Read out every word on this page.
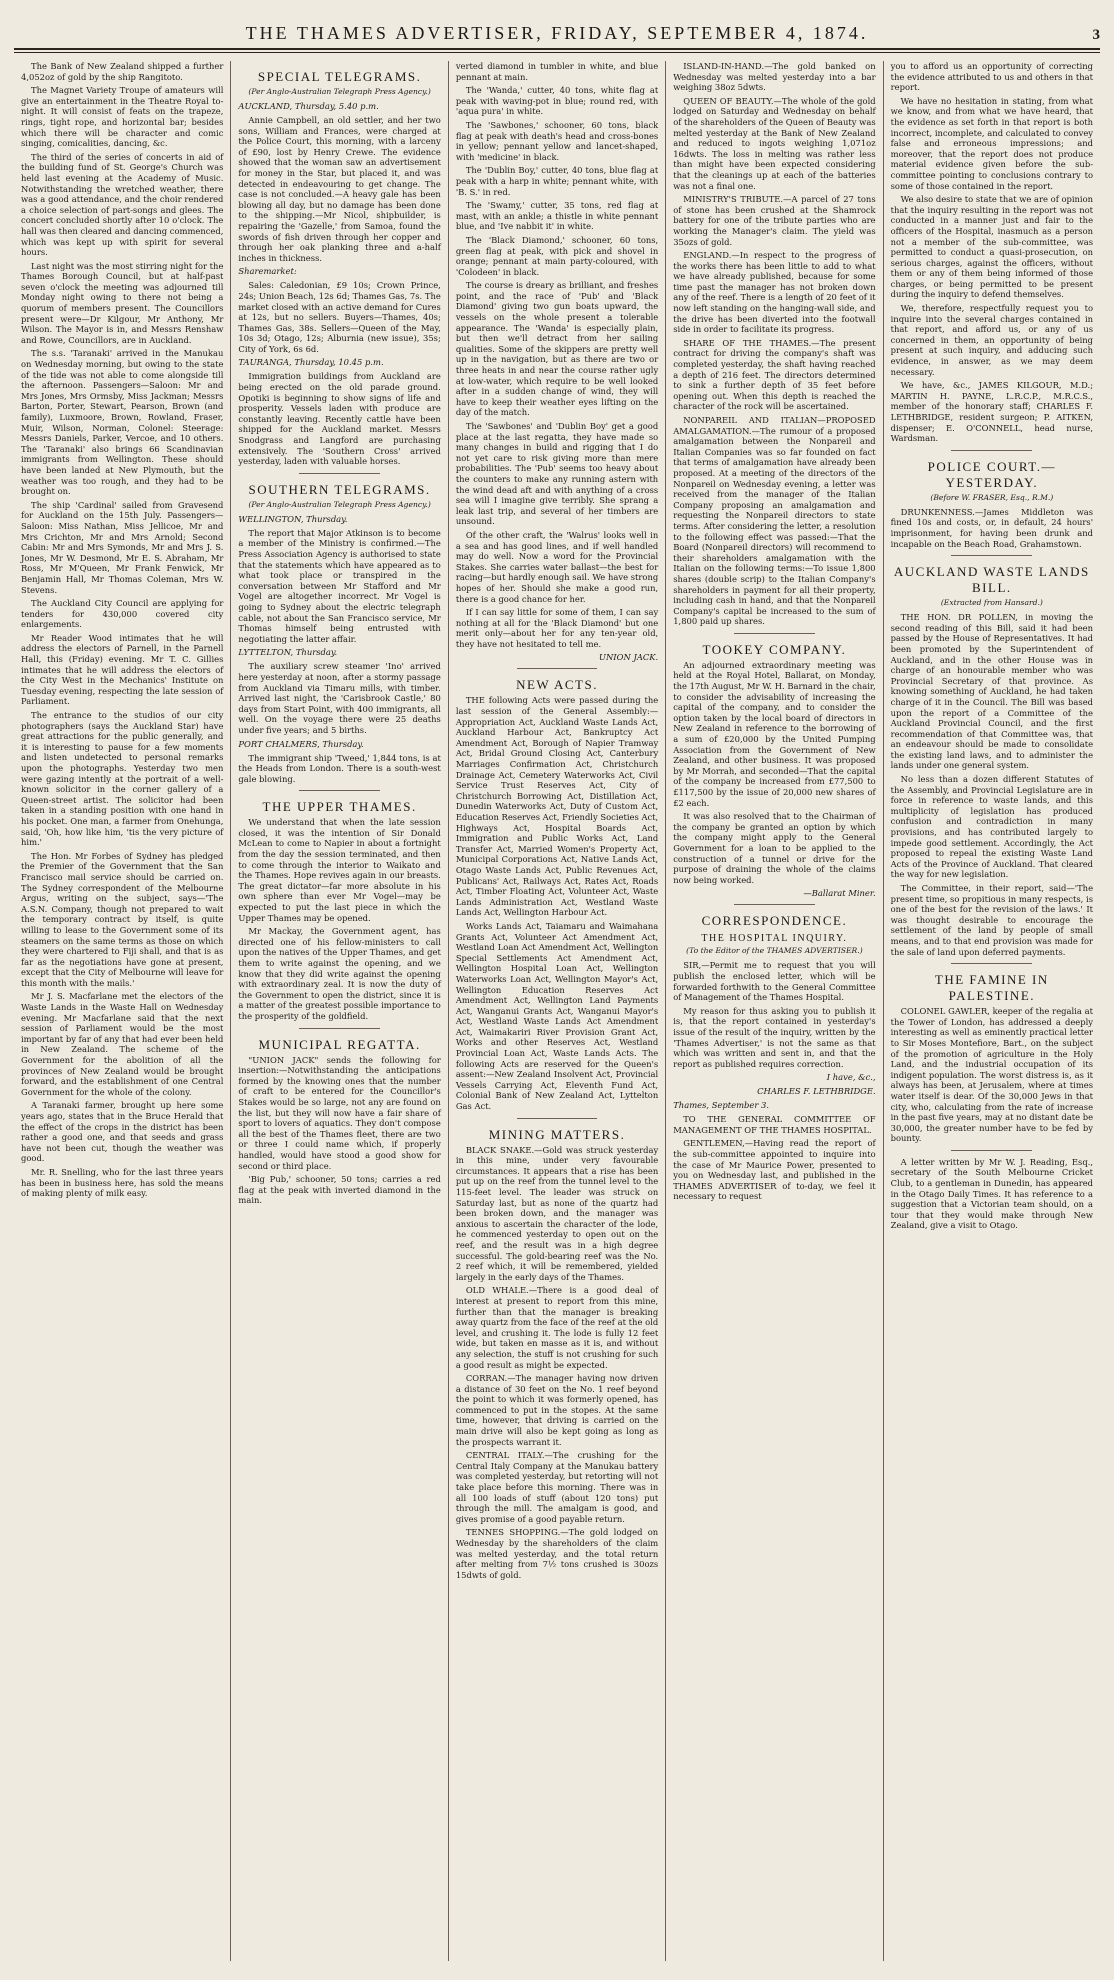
THE THAMES ADVERTISER, FRIDAY, SEPTEMBER 4, 1874.	3

The Bank of New Zealand shipped a further 4,052oz of gold by the ship Rangitoto.

The Magnet Variety Troupe of amateurs will give an entertainment in the Theatre Royal to-night. It will consist of feats on the trapeze, rings, tight rope, and horizontal bar; besides which there will be character and comic singing, comicalities, dancing, &c.

The third of the series of concerts in aid of the building fund of St. George's Church was held last evening at the Academy of Music. Notwithstanding the wretched weather, there was a good attendance, and the choir rendered a choice selection of part-songs and glees. The concert concluded shortly after 10 o'clock. The hall was then cleared and dancing commenced, which was kept up with spirit for several hours.

Last night was the most stirring night for the Thames Borough Council, but at half-past seven o'clock the meeting was adjourned till Monday night owing to there not being a quorum of members present. The Councillors present were—Dr Kilgour, Mr Anthony, Mr Wilson. The Mayor is in, and Messrs Renshaw and Rowe, Councillors, are in Auckland.

The s.s. 'Taranaki' arrived in the Manukau on Wednesday morning, but owing to the state of the tide was not able to come alongside till the afternoon. Passengers—Saloon: Mr and Mrs Jones, Mrs Ormsby, Miss Jackman; Messrs Barton, Porter, Stewart, Pearson, Brown (and family), Luxmoore, Brown, Rowland, Fraser, Muir, Wilson, Norman, Colonel: Steerage: Messrs Daniels, Parker, Vercoe, and 10 others. The 'Taranaki' also brings 66 Scandinavian immigrants from Wellington. These should have been landed at New Plymouth, but the weather was too rough, and they had to be brought on.

The ship 'Cardinal' sailed from Gravesend for Auckland on the 15th July. Passengers—Saloon: Miss Nathan, Miss Jellicoe, Mr and Mrs Crichton, Mr and Mrs Arnold; Second Cabin: Mr and Mrs Symonds, Mr and Mrs J. S. Jones, Mr W. Desmond, Mr E. S. Abraham, Mr Ross, Mr M'Queen, Mr Frank Fenwick, Mr Benjamin Hall, Mr Thomas Coleman, Mrs W. Stevens.

The Auckland City Council are applying for tenders for 430,000 covered city enlargements.

Mr Reader Wood intimates that he will address the electors of Parnell, in the Parnell Hall, this (Friday) evening. Mr T. C. Gillies intimates that he will address the electors of the City West in the Mechanics' Institute on Tuesday evening, respecting the late session of Parliament.

The entrance to the studios of our city photographers (says the Auckland Star) have great attractions for the public generally, and it is interesting to pause for a few moments and listen undetected to personal remarks upon the photographs. Yesterday two men were gazing intently at the portrait of a well-known solicitor in the corner gallery of a Queen-street artist. The solicitor had been taken in a standing position with one hand in his pocket. One man, a farmer from Onehunga, said, 'Oh, how like him, 'tis the very picture of him.'

The Hon. Mr Forbes of Sydney has pledged the Premier of the Government that the San Francisco mail service should be carried on. The Sydney correspondent of the Melbourne Argus, writing on the subject, says—'The A.S.N. Company, though not prepared to wait the temporary contract by itself, is quite willing to lease to the Government some of its steamers on the same terms as those on which they were chartered to Fiji shall, and that is as far as the negotiations have gone at present, except that the City of Melbourne will leave for this month with the mails.'

Mr J. S. Macfarlane met the electors of the Waste Lands in the Waste Hall on Wednesday evening. Mr Macfarlane said that the next session of Parliament would be the most important by far of any that had ever been held in New Zealand. The scheme of the Government for the abolition of all the provinces of New Zealand would be brought forward, and the establishment of one Central Government for the whole of the colony.

A Taranaki farmer, brought up here some years ago, states that in the Bruce Herald that the effect of the crops in the district has been rather a good one, and that seeds and grass have not been cut, though the weather was good.

Mr. R. Snelling, who for the last three years has been in business here, has sold the means of making plenty of milk easy.

SPECIAL TELEGRAMS.
(Per Anglo-Australian Telegraph Press Agency.)
AUCKLAND, Thursday, 5.40 p.m.

Annie Campbell, an old settler, and her two sons, William and Frances, were charged at the Police Court, this morning, with a larceny of £90, lost by Henry Crewe. The evidence showed that the woman saw an advertisement for money in the Star, but placed it, and was detected in endeavouring to get change. The case is not concluded.—A heavy gale has been blowing all day, but no damage has been done to the shipping.—Mr Nicol, shipbuilder, is repairing the 'Gazelle,' from Samoa, found the swords of fish driven through her copper and through her oak planking three and a-half inches in thickness.

Sharemarket:

Sales: Caledonian, £9 10s; Crown Prince, 24s; Union Beach, 12s 6d; Thames Gas, 7s. The market closed with an active demand for Cures at 12s, but no sellers. Buyers—Thames, 40s; Thames Gas, 38s. Sellers—Queen of the May, 10s 3d; Otago, 12s; Alburnia (new issue), 35s; City of York, 6s 6d.

TAURANGA, Thursday, 10.45 p.m.

Immigration buildings from Auckland are being erected on the old parade ground. Opotiki is beginning to show signs of life and prosperity. Vessels laden with produce are constantly leaving. Recently cattle have been shipped for the Auckland market. Messrs Snodgrass and Langford are purchasing extensively. The 'Southern Cross' arrived yesterday, laden with valuable horses.

SOUTHERN TELEGRAMS.
(Per Anglo-Australian Telegraph Press Agency.)
WELLINGTON, Thursday.

The report that Major Atkinson is to become a member of the Ministry is confirmed.—The Press Association Agency is authorised to state that the statements which have appeared as to what took place or transpired in the conversation between Mr Stafford and Mr Vogel are altogether incorrect. Mr Vogel is going to Sydney about the electric telegraph cable, not about the San Francisco service, Mr Thomas himself being entrusted with negotiating the latter affair.

LYTTELTON, Thursday.

The auxiliary screw steamer 'Ino' arrived here yesterday at noon, after a stormy passage from Auckland via Timaru mills, with timber. Arrived last night, the 'Carisbrook Castle,' 80 days from Start Point, with 400 immigrants, all well. On the voyage there were 25 deaths under five years; and 5 births.

PORT CHALMERS, Thursday.

The immigrant ship 'Tweed,' 1,844 tons, is at the Heads from London. There is a south-west gale blowing.

THE UPPER THAMES.

We understand that when the late session closed, it was the intention of Sir Donald McLean to come to Napier in about a fortnight from the day the session terminated, and then to come through the interior to Waikato and the Thames. Hope revives again in our breasts. The great dictator—far more absolute in his own sphere than ever Mr Vogel—may be expected to put the last piece in which the Upper Thames may be opened.

Mr Mackay, the Government agent, has directed one of his fellow-ministers to call upon the natives of the Upper Thames, and get them to write against the opening, and we know that they did write against the opening with extraordinary zeal. It is now the duty of the Government to open the district, since it is a matter of the greatest possible importance to the prosperity of the goldfield.

MUNICIPAL REGATTA.

"UNION JACK" sends the following for insertion:—Notwithstanding the anticipations formed by the knowing ones that the number of craft to be entered for the Councillor's Stakes would be so large, not any are found on the list, but they will now have a fair share of sport to lovers of aquatics. They don't compose all the best of the Thames fleet, there are two or three I could name which, if properly handled, would have stood a good show for second or third place.

'Big Pub,' schooner, 50 tons; carries a red flag at the peak with inverted diamond in the main.

verted diamond in tumbler in white, and blue pennant at main.

The 'Wanda,' cutter, 40 tons, white flag at peak with waving-pot in blue; round red, with 'aqua pura' in white.

The 'Sawbones,' schooner, 60 tons, black flag at peak with death's head and cross-bones in yellow; pennant yellow and lancet-shaped, with 'medicine' in black.

The 'Dublin Boy,' cutter, 40 tons, blue flag at peak with a harp in white; pennant white, with 'B. S.' in red.

The 'Swamy,' cutter, 35 tons, red flag at mast, with an ankle; a thistle in white pennant blue, and 'Ive nabbit it' in white.

The 'Black Diamond,' schooner, 60 tons, green flag at peak, with pick and shovel in orange; pennant at main party-coloured, with 'Colodeen' in black.

The course is dreary as brilliant, and freshes point, and the race of 'Pub' and 'Black Diamond' giving two gun boats upward, the vessels on the whole present a tolerable appearance. The 'Wanda' is especially plain, but then we'll detract from her sailing qualities. Some of the skippers are pretty well up in the navigation, but as there are two or three heats in and near the course rather ugly at low-water, which require to be well looked after in a sudden change of wind, they will have to keep their weather eyes lifting on the day of the match.

The 'Sawbones' and 'Dublin Boy' get a good place at the last regatta, they have made so many changes in build and rigging that I do not yet care to risk giving more than mere probabilities. The 'Pub' seems too heavy about the counters to make any running astern with the wind dead aft and with anything of a cross sea will I imagine give terribly. She sprang a leak last trip, and several of her timbers are unsound.

Of the other craft, the 'Walrus' looks well in a sea and has good lines, and if well handled may do well. Now a word for the Provincial Stakes. She carries water ballast—the best for racing—but hardly enough sail. We have strong hopes of her. Should she make a good run, there is a good chance for her.

If I can say little for some of them, I can say nothing at all for the 'Black Diamond' but one merit only—about her for any ten-year old, they have not hesitated to tell me.

UNION JACK.
NEW ACTS.

THE following Acts were passed during the last session of the General Assembly:—Appropriation Act, Auckland Waste Lands Act, Auckland Harbour Act, Bankruptcy Act Amendment Act, Borough of Napier Tramway Act, Bridal Ground Closing Act, Canterbury Marriages Confirmation Act, Christchurch Drainage Act, Cemetery Waterworks Act, Civil Service Trust Reserves Act, City of Christchurch Borrowing Act, Distillation Act, Dunedin Waterworks Act, Duty of Custom Act, Education Reserves Act, Friendly Societies Act, Highways Act, Hospital Boards Act, Immigration and Public Works Act, Land Transfer Act, Married Women's Property Act, Municipal Corporations Act, Native Lands Act, Otago Waste Lands Act, Public Revenues Act, Publicans' Act, Railways Act, Rates Act, Roads Act, Timber Floating Act, Volunteer Act, Waste Lands Administration Act, Westland Waste Lands Act, Wellington Harbour Act.

Works Lands Act, Taiamaru and Waimahana Grants Act, Volunteer Act Amendment Act, Westland Loan Act Amendment Act, Wellington Special Settlements Act Amendment Act, Wellington Hospital Loan Act, Wellington Waterworks Loan Act, Wellington Mayor's Act, Wellington Education Reserves Act Amendment Act, Wellington Land Payments Act, Wanganui Grants Act, Wanganui Mayor's Act, Westland Waste Lands Act Amendment Act, Waimakariri River Provision Grant Act, Works and other Reserves Act, Westland Provincial Loan Act, Waste Lands Acts. The following Acts are reserved for the Queen's assent:—New Zealand Insolvent Act, Provincial Vessels Carrying Act, Eleventh Fund Act, Colonial Bank of New Zealand Act, Lyttelton Gas Act.

MINING MATTERS.

BLACK SNAKE.—Gold was struck yesterday in this mine, under very favourable circumstances. It appears that a rise has been put up on the reef from the tunnel level to the 115-feet level. The leader was struck on Saturday last, but as none of the quartz had been broken down, and the manager was anxious to ascertain the character of the lode, he commenced yesterday to open out on the reef, and the result was in a high degree successful. The gold-bearing reef was the No. 2 reef which, it will be remembered, yielded largely in the early days of the Thames.

OLD WHALE.—There is a good deal of interest at present to report from this mine, further than that the manager is breaking away quartz from the face of the reef at the old level, and crushing it. The lode is fully 12 feet wide, but taken en masse as it is, and without any selection, the stuff is not crushing for such a good result as might be expected.

CORRAN.—The manager having now driven a distance of 30 feet on the No. 1 reef beyond the point to which it was formerly opened, has commenced to put in the stopes. At the same time, however, that driving is carried on the main drive will also be kept going as long as the prospects warrant it.

CENTRAL ITALY.—The crushing for the Central Italy Company at the Manukau battery was completed yesterday, but retorting will not take place before this morning. There was in all 100 loads of stuff (about 120 tons) put through the mill. The amalgam is good, and gives promise of a good payable return.

TENNES SHOPPING.—The gold lodged on Wednesday by the shareholders of the claim was melted yesterday, and the total return after melting from 7½ tons crushed is 30ozs 15dwts of gold.

ISLAND-IN-HAND.—The gold banked on Wednesday was melted yesterday into a bar weighing 38oz 5dwts.

QUEEN OF BEAUTY.—The whole of the gold lodged on Saturday and Wednesday on behalf of the shareholders of the Queen of Beauty was melted yesterday at the Bank of New Zealand and reduced to ingots weighing 1,071oz 16dwts. The loss in melting was rather less than might have been expected considering that the cleanings up at each of the batteries was not a final one.

MINISTRY'S TRIBUTE.—A parcel of 27 tons of stone has been crushed at the Shamrock battery for one of the tribute parties who are working the Manager's claim. The yield was 35ozs of gold.

ENGLAND.—In respect to the progress of the works there has been little to add to what we have already published, because for some time past the manager has not broken down any of the reef. There is a length of 20 feet of it now left standing on the hanging-wall side, and the drive has been diverted into the footwall side in order to facilitate its progress.

SHARE OF THE THAMES.—The present contract for driving the company's shaft was completed yesterday, the shaft having reached a depth of 216 feet. The directors determined to sink a further depth of 35 feet before opening out. When this depth is reached the character of the rock will be ascertained.

NONPAREIL AND ITALIAN—PROPOSED AMALGAMATION.—The rumour of a proposed amalgamation between the Nonpareil and Italian Companies was so far founded on fact that terms of amalgamation have already been proposed. At a meeting of the directors of the Nonpareil on Wednesday evening, a letter was received from the manager of the Italian Company proposing an amalgamation and requesting the Nonpareil directors to state terms. After considering the letter, a resolution to the following effect was passed:—That the Board (Nonpareil directors) will recommend to their shareholders amalgamation with the Italian on the following terms:—To issue 1,800 shares (double scrip) to the Italian Company's shareholders in payment for all their property, including cash in hand, and that the Nonpareil Company's capital be increased to the sum of 1,800 paid up shares.

TOOKEY COMPANY.

An adjourned extraordinary meeting was held at the Royal Hotel, Ballarat, on Monday, the 17th August, Mr W. H. Barnard in the chair, to consider the advisability of increasing the capital of the company, and to consider the option taken by the local board of directors in New Zealand in reference to the borrowing of a sum of £20,000 by the United Pumping Association from the Government of New Zealand, and other business. It was proposed by Mr Morrah, and seconded—That the capital of the company be increased from £77,500 to £117,500 by the issue of 20,000 new shares of £2 each.

It was also resolved that to the Chairman of the company be granted an option by which the company might apply to the General Government for a loan to be applied to the construction of a tunnel or drive for the purpose of draining the whole of the claims now being worked.

—Ballarat Miner.
CORRESPONDENCE.
THE HOSPITAL INQUIRY.
(To the Editor of the THAMES ADVERTISER.)

SIR,—Permit me to request that you will publish the enclosed letter, which will be forwarded forthwith to the General Committee of Management of the Thames Hospital.

My reason for thus asking you to publish it is, that the report contained in yesterday's issue of the result of the inquiry, written by the 'Thames Advertiser,' is not the same as that which was written and sent in, and that the report as published requires correction.

I have, &c.,
CHARLES F. LETHBRIDGE.
Thames, September 3.

TO THE GENERAL COMMITTEE OF MANAGEMENT OF THE THAMES HOSPITAL.

GENTLEMEN,—Having read the report of the sub-committee appointed to inquire into the case of Mr Maurice Power, presented to you on Wednesday last, and published in the THAMES ADVERTISER of to-day, we feel it necessary to request

you to afford us an opportunity of correcting the evidence attributed to us and others in that report.

We have no hesitation in stating, from what we know, and from what we have heard, that the evidence as set forth in that report is both incorrect, incomplete, and calculated to convey false and erroneous impressions; and moreover, that the report does not produce material evidence given before the sub-committee pointing to conclusions contrary to some of those contained in the report.

We also desire to state that we are of opinion that the inquiry resulting in the report was not conducted in a manner just and fair to the officers of the Hospital, inasmuch as a person not a member of the sub-committee, was permitted to conduct a quasi-prosecution, on serious charges, against the officers, without them or any of them being informed of those charges, or being permitted to be present during the inquiry to defend themselves.

We, therefore, respectfully request you to inquire into the several charges contained in that report, and afford us, or any of us concerned in them, an opportunity of being present at such inquiry, and adducing such evidence, in answer, as we may deem necessary.

We have, &c., JAMES KILGOUR, M.D.; MARTIN H. PAYNE, L.R.C.P., M.R.C.S., member of the honorary staff; CHARLES F. LETHBRIDGE, resident surgeon; P. AITKEN, dispenser; E. O'CONNELL, head nurse, Wardsman.

POLICE COURT.—YESTERDAY.
(Before W. FRASER, Esq., R.M.)

DRUNKENNESS.—James Middleton was fined 10s and costs, or, in default, 24 hours' imprisonment, for having been drunk and incapable on the Beach Road, Grahamstown.

AUCKLAND WASTE LANDS BILL.
(Extracted from Hansard.)

THE HON. DR POLLEN, in moving the second reading of this Bill, said it had been passed by the House of Representatives. It had been promoted by the Superintendent of Auckland, and in the other House was in charge of an honourable member who was Provincial Secretary of that province. As knowing something of Auckland, he had taken charge of it in the Council. The Bill was based upon the report of a Committee of the Auckland Provincial Council, and the first recommendation of that Committee was, that an endeavour should be made to consolidate the existing land laws, and to administer the lands under one general system.

No less than a dozen different Statutes of the Assembly, and Provincial Legislature are in force in reference to waste lands, and this multiplicity of legislation has produced confusion and contradiction in many provisions, and has contributed largely to impede good settlement. Accordingly, the Act proposed to repeal the existing Waste Land Acts of the Province of Auckland. That cleared the way for new legislation.

The Committee, in their report, said—'The present time, so propitious in many respects, is one of the best for the revision of the laws.' It was thought desirable to encourage the settlement of the land by people of small means, and to that end provision was made for the sale of land upon deferred payments.

THE FAMINE IN PALESTINE.

COLONEL GAWLER, keeper of the regalia at the Tower of London, has addressed a deeply interesting as well as eminently practical letter to Sir Moses Montefiore, Bart., on the subject of the promotion of agriculture in the Holy Land, and the industrial occupation of its indigent population. The worst distress is, as it always has been, at Jerusalem, where at times water itself is dear. Of the 30,000 Jews in that city, who, calculating from the rate of increase in the past five years, may at no distant date be 30,000, the greater number have to be fed by bounty.

A letter written by Mr W. J. Reading, Esq., secretary of the South Melbourne Cricket Club, to a gentleman in Dunedin, has appeared in the Otago Daily Times. It has reference to a suggestion that a Victorian team should, on a tour that they would make through New Zealand, give a visit to Otago.
